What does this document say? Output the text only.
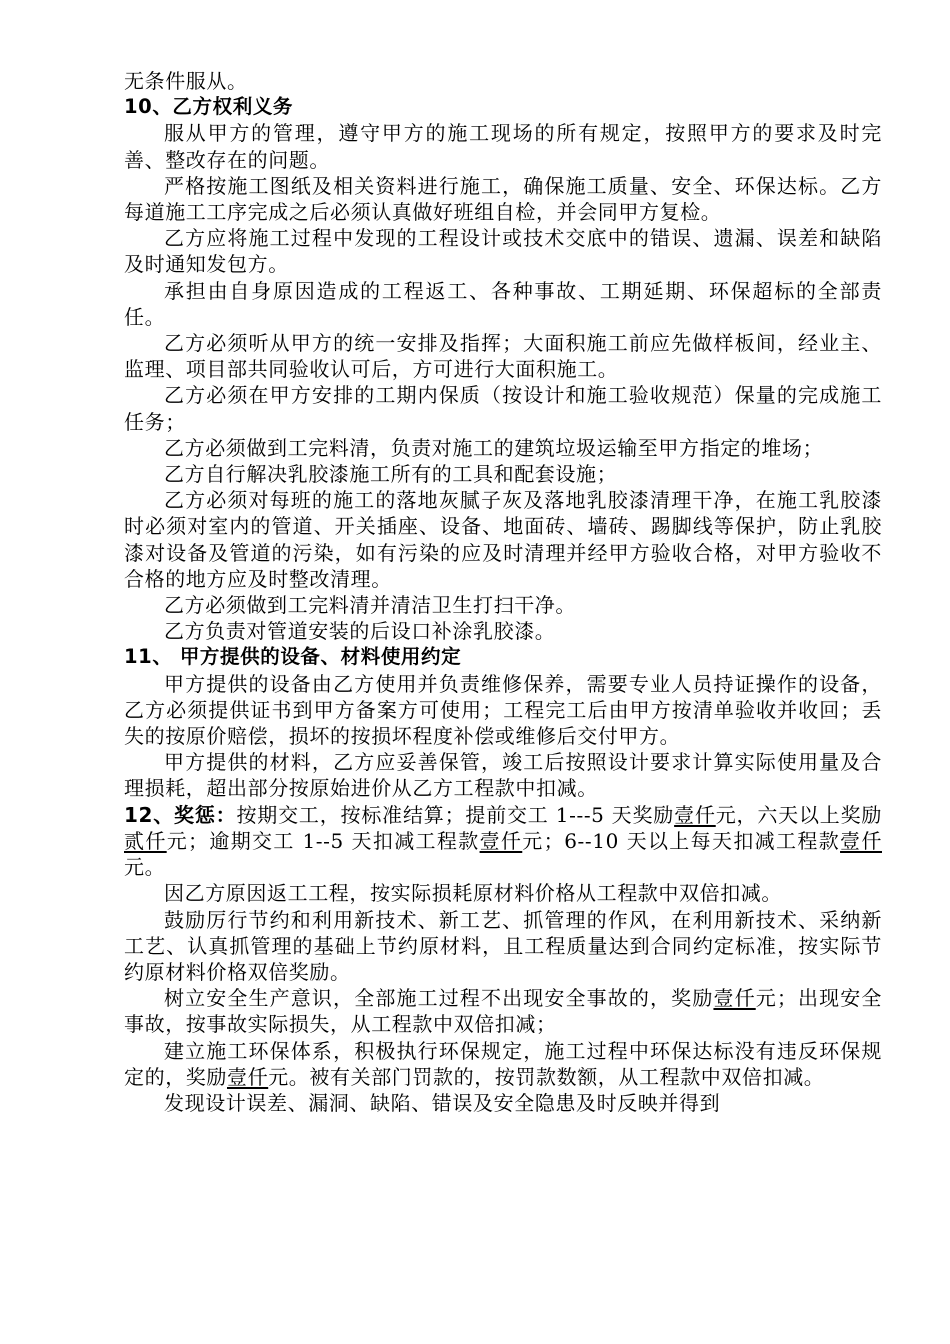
无条件服从。

10、乙方权利义务

服从甲方的管理，遵守甲方的施工现场的所有规定，按照甲方的要求及时完善、整改存在的问题。

严格按施工图纸及相关资料进行施工，确保施工质量、安全、环保达标。乙方每道施工工序完成之后必须认真做好班组自检，并会同甲方复检。

乙方应将施工过程中发现的工程设计或技术交底中的错误、遗漏、误差和缺陷及时通知发包方。

承担由自身原因造成的工程返工、各种事故、工期延期、环保超标的全部责任。

乙方必须听从甲方的统一安排及指挥；大面积施工前应先做样板间，经业主、监理、项目部共同验收认可后，方可进行大面积施工。

乙方必须在甲方安排的工期内保质（按设计和施工验收规范）保量的完成施工任务；

乙方必须做到工完料清，负责对施工的建筑垃圾运输至甲方指定的堆场；

乙方自行解决乳胶漆施工所有的工具和配套设施；

乙方必须对每班的施工的落地灰腻子灰及落地乳胶漆清理干净，在施工乳胶漆时必须对室内的管道、开关插座、设备、地面砖、墙砖、踢脚线等保护，防止乳胶漆对设备及管道的污染，如有污染的应及时清理并经甲方验收合格，对甲方验收不合格的地方应及时整改清理。

乙方必须做到工完料清并清洁卫生打扫干净。

乙方负责对管道安装的后设口补涂乳胶漆。

11、 甲方提供的设备、材料使用约定

甲方提供的设备由乙方使用并负责维修保养，需要专业人员持证操作的设备，乙方必须提供证书到甲方备案方可使用；工程完工后由甲方按清单验收并收回；丢失的按原价赔偿，损坏的按损坏程度补偿或维修后交付甲方。

甲方提供的材料，乙方应妥善保管，竣工后按照设计要求计算实际使用量及合理损耗，超出部分按原始进价从乙方工程款中扣减。

12、奖惩：按期交工，按标准结算；提前交工 1---5 天奖励壹仟元，六天以上奖励贰仟元；逾期交工 1--5 天扣减工程款壹仟元；6--10 天以上每天扣减工程款壹仟元。

因乙方原因返工工程，按实际损耗原材料价格从工程款中双倍扣减。

鼓励厉行节约和利用新技术、新工艺、抓管理的作风，在利用新技术、采纳新工艺、认真抓管理的基础上节约原材料，且工程质量达到合同约定标准，按实际节约原材料价格双倍奖励。

树立安全生产意识，全部施工过程不出现安全事故的，奖励壹仟元；出现安全事故，按事故实际损失，从工程款中双倍扣减；

建立施工环保体系，积极执行环保规定，施工过程中环保达标没有违反环保规定的，奖励壹仟元。被有关部门罚款的，按罚款数额，从工程款中双倍扣减。

发现设计误差、漏洞、缺陷、错误及安全隐患及时反映并得到
